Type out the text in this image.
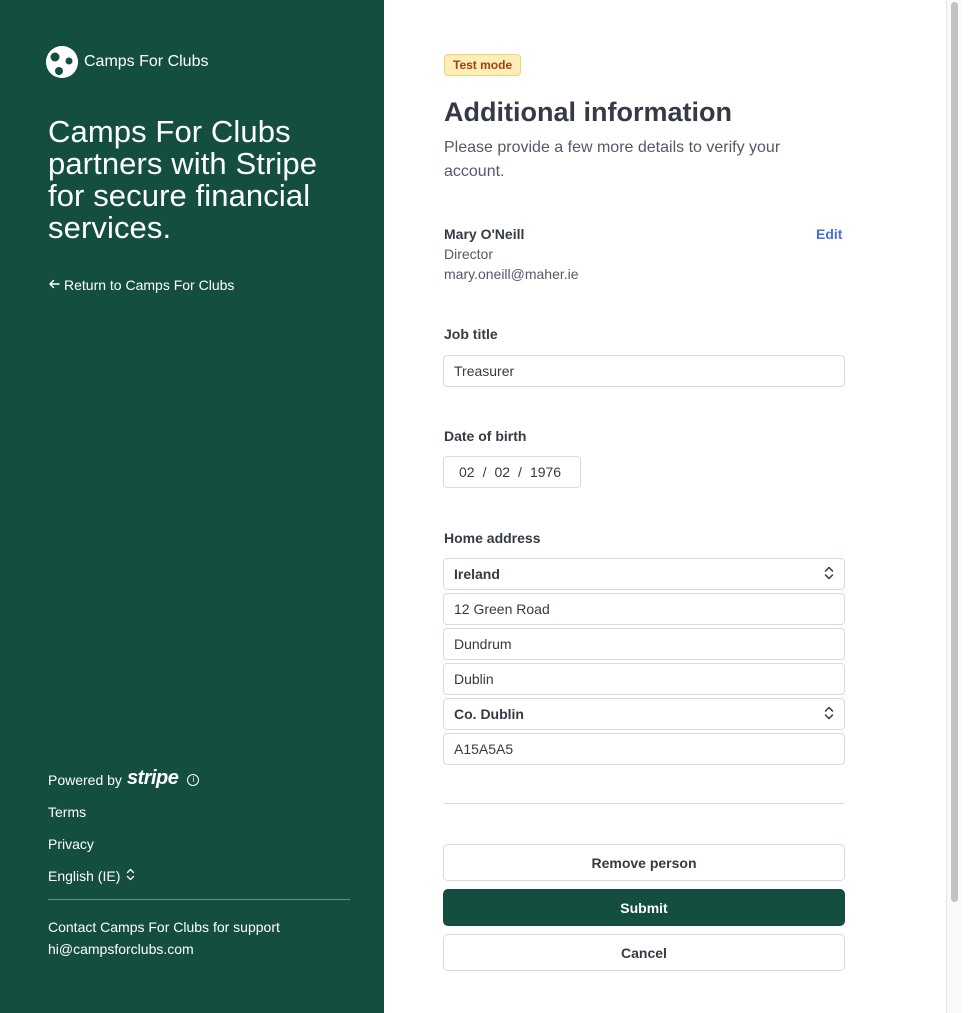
Camps For Clubs
Camps For Clubs partners with Stripe for secure financial services.
Return to Camps For Clubs
Powered by stripe	i
Terms
Privacy
English (IE)
Contact Camps For Clubs for support
hi@campsforclubs.com
Test mode
Additional information

Please provide a few more details to verify your account.

Mary O'Neill
Director
mary.oneill@maher.ie
Edit
Job title
Treasurer
Date of birth
02 / 02 / 1976
Home address
Ireland
12 Green Road
Dundrum
Dublin
Co. Dublin
A15A5A5
Remove person
Submit
Cancel
